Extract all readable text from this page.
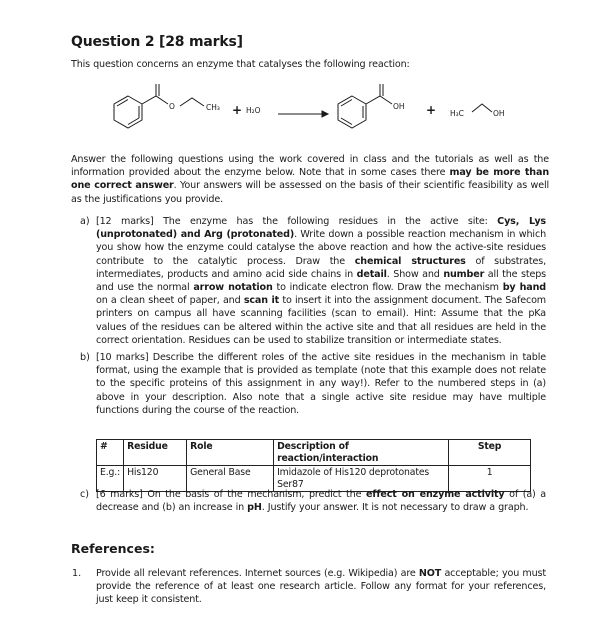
Question 2 [28 marks]
This question concerns an enzyme that catalyses the following reaction:
O	CH₃ + H₂O	OH + H₃C	OH
Answer the following questions using the work covered in class and the tutorials as well as the information provided about the enzyme below. Note that in some cases there may be more than one correct answer. Your answers will be assessed on the basis of their scientific feasibility as well as the justifications you provide.
a) [12 marks] The enzyme has the following residues in the active site: Cys, Lys (unprotonated) and Arg (protonated). Write down a possible reaction mechanism in which you show how the enzyme could catalyse the above reaction and how the active-site residues contribute to the catalytic process. Draw the chemical structures of substrates, intermediates, products and amino acid side chains in detail. Show and number all the steps and use the normal arrow notation to indicate electron flow. Draw the mechanism by hand on a clean sheet of paper, and scan it to insert it into the assignment document. The Safecom printers on campus all have scanning facilities (scan to email). Hint: Assume that the pKa values of the residues can be altered within the active site and that all residues are held in the correct orientation. Residues can be used to stabilize transition or intermediate states.
b) [10 marks] Describe the different roles of the active site residues in the mechanism in table format, using the example that is provided as template (note that this example does not relate to the specific proteins of this assignment in any way!). Refer to the numbered steps in (a) above in your description. Also note that a single active site residue may have multiple functions during the course of the reaction.
#	Residue	Role	Description of reaction/interaction	Step
E.g.:	His120	General Base	Imidazole of His120 deprotonates Ser87	1
c) [6 marks] On the basis of the mechanism, predict the effect on enzyme activity of (a) a decrease and (b) an increase in pH. Justify your answer. It is not necessary to draw a graph.
References:
1. Provide all relevant references. Internet sources (e.g. Wikipedia) are NOT acceptable; you must provide the reference of at least one research article. Follow any format for your references, just keep it consistent.
